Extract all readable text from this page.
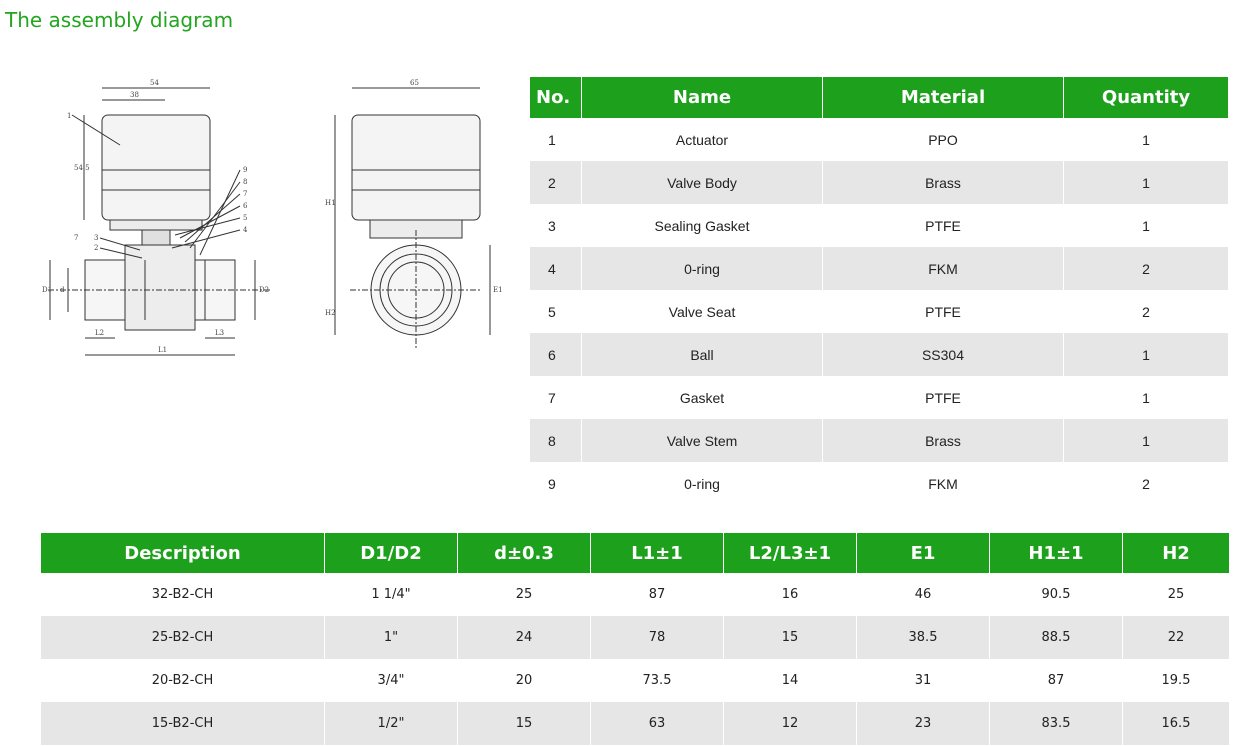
The assembly diagram
54
38
54.5
7
D1 d	D2
L2	L3
L1
1
2
3
4
5
6
7
8
9
65
H1
H2
E1
No.	Name	Material	Quantity
1	Actuator	PPO	1
2	Valve Body	Brass	1
3	Sealing Gasket	PTFE	1
4	0-ring	FKM	2
5	Valve Seat	PTFE	2
6	Ball	SS304	1
7	Gasket	PTFE	1
8	Valve Stem	Brass	1
9	0-ring	FKM	2
Description	D1/D2	d±0.3	L1±1	L2/L3±1	E1	H1±1	H2
32-B2-CH	1 1/4"	25	87	16	46	90.5	25
25-B2-CH	1"	24	78	15	38.5	88.5	22
20-B2-CH	3/4"	20	73.5	14	31	87	19.5
15-B2-CH	1/2"	15	63	12	23	83.5	16.5
